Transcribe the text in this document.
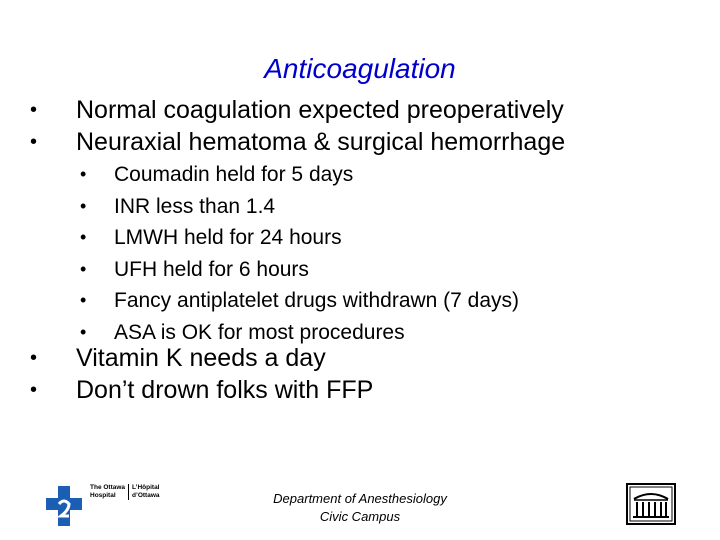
Anticoagulation
• Normal coagulation expected preoperatively
• Neuraxial hematoma & surgical hemorrhage
• Coumadin held for 5 days
• INR less than 1.4
• LMWH held for 24 hours
• UFH held for 6 hours
• Fancy antiplatelet drugs withdrawn (7 days)
• ASA is OK for most procedures
• Vitamin K needs a day
• Don’t drown folks with FFP
The Ottawa
HospitalL’Hôpital
d’Ottawa	Department of Anesthesiology
Civic Campus
